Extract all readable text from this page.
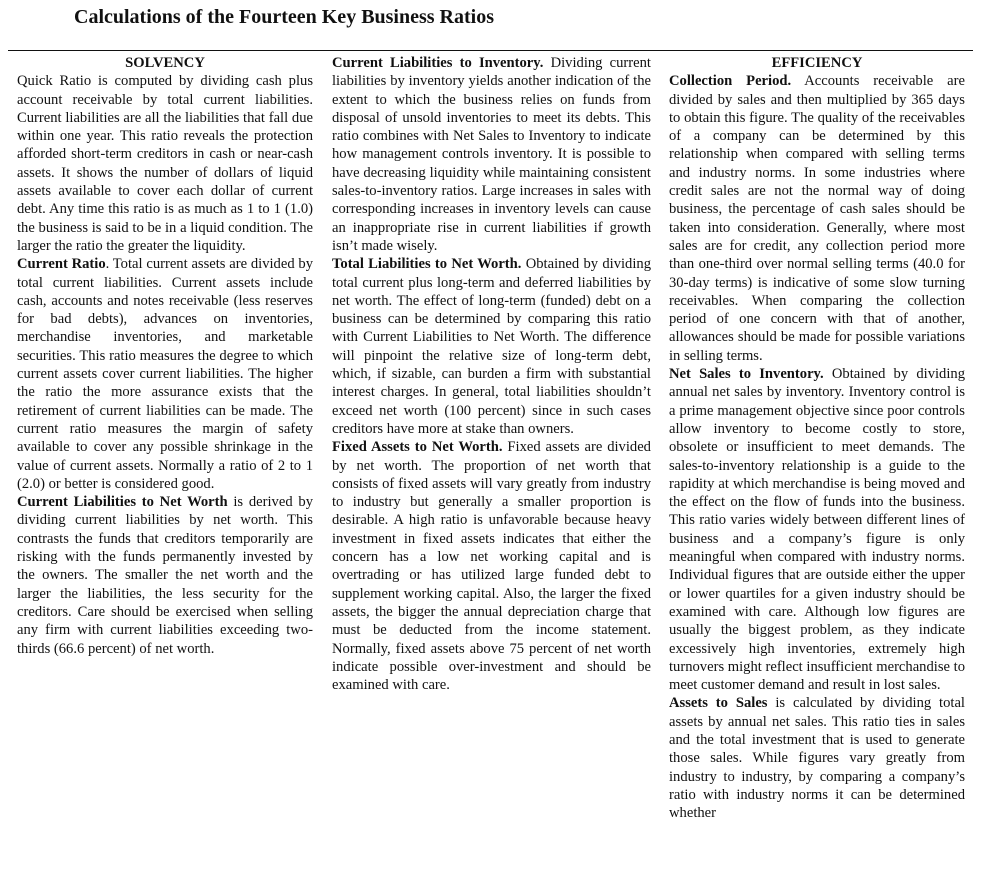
Calculations of the Fourteen Key Business Ratios

SOLVENCY

Quick Ratio is computed by dividing cash plus account receivable by total current liabilities. Current liabilities are all the liabilities that fall due within one year. This ratio reveals the protection afforded short-term creditors in cash or near-cash assets. It shows the number of dollars of liquid assets available to cover each dollar of current debt. Any time this ratio is as much as 1 to 1 (1.0) the business is said to be in a liquid condition. The larger the ratio the greater the liquidity.

Current Ratio. Total current assets are divided by total current liabilities. Current assets include cash, accounts and notes receivable (less reserves for bad debts), advances on inventories, merchandise inventories, and marketable securities. This ratio measures the degree to which current assets cover current liabilities. The higher the ratio the more assurance exists that the retirement of current liabilities can be made. The current ratio measures the margin of safety available to cover any possible shrinkage in the value of current assets. Normally a ratio of 2 to 1 (2.0) or better is considered good.

Current Liabilities to Net Worth is derived by dividing current liabilities by net worth. This contrasts the funds that creditors temporarily are risking with the funds permanently invested by the owners. The smaller the net worth and the larger the liabilities, the less security for the creditors. Care should be exercised when selling any firm with current liabilities exceeding two-thirds (66.6 percent) of net worth.

Current Liabilities to Inventory. Dividing current liabilities by inventory yields another indication of the extent to which the business relies on funds from disposal of unsold inventories to meet its debts. This ratio combines with Net Sales to Inventory to indicate how management controls inventory. It is possible to have decreasing liquidity while maintaining consistent sales-to-inventory ratios. Large increases in sales with corresponding increases in inventory levels can cause an inappropriate rise in current liabilities if growth isn’t made wisely.

Total Liabilities to Net Worth. Obtained by dividing total current plus long-term and deferred liabilities by net worth. The effect of long-term (funded) debt on a business can be determined by comparing this ratio with Current Liabilities to Net Worth. The difference will pinpoint the relative size of long-term debt, which, if sizable, can burden a firm with substantial interest charges. In general, total liabilities shouldn’t exceed net worth (100 percent) since in such cases creditors have more at stake than owners.

Fixed Assets to Net Worth. Fixed assets are divided by net worth. The proportion of net worth that consists of fixed assets will vary greatly from industry to industry but generally a smaller proportion is desirable. A high ratio is unfavorable because heavy investment in fixed assets indicates that either the concern has a low net working capital and is overtrading or has utilized large funded debt to supplement working capital. Also, the larger the fixed assets, the bigger the annual depreciation charge that must be deducted from the income statement. Normally, fixed assets above 75 percent of net worth indicate possible over-investment and should be examined with care.

EFFICIENCY

Collection Period. Accounts receivable are divided by sales and then multiplied by 365 days to obtain this figure. The quality of the receivables of a company can be determined by this relationship when compared with selling terms and industry norms. In some industries where credit sales are not the normal way of doing business, the percentage of cash sales should be taken into consideration. Generally, where most sales are for credit, any collection period more than one-third over normal selling terms (40.0 for 30-day terms) is indicative of some slow turning receivables. When comparing the collection period of one concern with that of another, allowances should be made for possible variations in selling terms.

Net Sales to Inventory. Obtained by dividing annual net sales by inventory. Inventory control is a prime management objective since poor controls allow inventory to become costly to store, obsolete or insufficient to meet demands. The sales-to-inventory relationship is a guide to the rapidity at which merchandise is being moved and the effect on the flow of funds into the business. This ratio varies widely between different lines of business and a company’s figure is only meaningful when compared with industry norms. Individual figures that are outside either the upper or lower quartiles for a given industry should be examined with care. Although low figures are usually the biggest problem, as they indicate excessively high inventories, extremely high turnovers might reflect insufficient merchandise to meet customer demand and result in lost sales.

Assets to Sales is calculated by dividing total assets by annual net sales. This ratio ties in sales and the total investment that is used to generate those sales. While figures vary greatly from industry to industry, by comparing a company’s ratio with industry norms it can be determined whether
